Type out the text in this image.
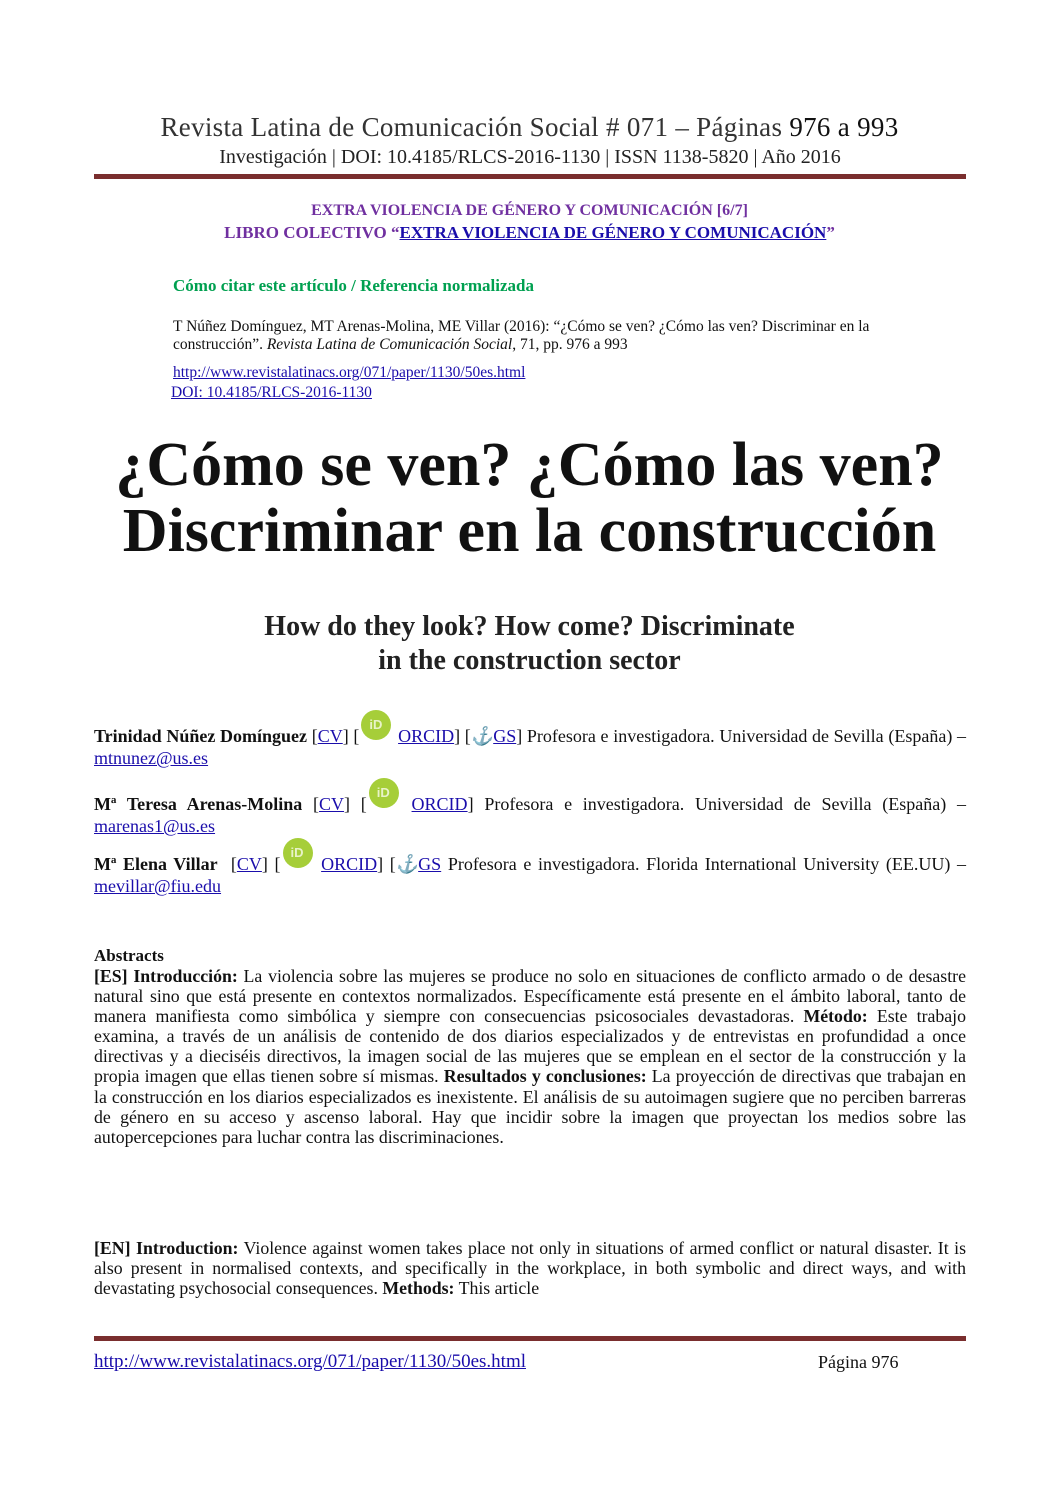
Revista Latina de Comunicación Social # 071 – Páginas 976 a 993
Investigación | DOI: 10.4185/RLCS-2016-1130 | ISSN 1138-5820 | Año 2016
EXTRA VIOLENCIA DE GÉNERO Y COMUNICACIÓN [6/7]
LIBRO COLECTIVO “EXTRA VIOLENCIA DE GÉNERO Y COMUNICACIÓN”
Cómo citar este artículo / Referencia normalizada
T Núñez Domínguez, MT Arenas-Molina, ME Villar (2016): “¿Cómo se ven? ¿Cómo las ven? Discriminar en la construcción”. Revista Latina de Comunicación Social, 71, pp. 976 a 993
http://www.revistalatinacs.org/071/paper/1130/50es.html
DOI: 10.4185/RLCS-2016-1130
¿Cómo se ven? ¿Cómo las ven?
Discriminar en la construcción
How do they look? How come? Discriminate
in the construction sector
Trinidad Núñez Domínguez [CV] [ iD ORCID] [⚓GS] Profesora e investigadora. Universidad de Sevilla (España) – mtnunez@us.es
Mª Teresa Arenas-Molina [CV] [ iD ORCID] Profesora e investigadora. Universidad de Sevilla (España) – marenas1@us.es
Mª Elena Villar  [CV] [ iD ORCID] [⚓GS Profesora e investigadora. Florida International University (EE.UU) – mevillar@fiu.edu
Abstracts
[ES] Introducción: La violencia sobre las mujeres se produce no solo en situaciones de conflicto armado o de desastre natural sino que está presente en contextos normalizados. Específicamente está presente en el ámbito laboral, tanto de manera manifiesta como simbólica y siempre con consecuencias psicosociales devastadoras. Método: Este trabajo examina, a través de un análisis de contenido de dos diarios especializados y de entrevistas en profundidad a once directivas y a dieciséis directivos, la imagen social de las mujeres que se emplean en el sector de la construcción y la propia imagen que ellas tienen sobre sí mismas. Resultados y conclusiones: La proyección de directivas que trabajan en la construcción en los diarios especializados es inexistente. El análisis de su autoimagen sugiere que no perciben barreras de género en su acceso y ascenso laboral. Hay que incidir sobre la imagen que proyectan los medios sobre las autopercepciones para luchar contra las discriminaciones.
[EN] Introduction: Violence against women takes place not only in situations of armed conflict or natural disaster. It is also present in normalised contexts, and specifically in the workplace, in both symbolic and direct ways, and with devastating psychosocial consequences. Methods: This article
http://www.revistalatinacs.org/071/paper/1130/50es.html	Página 976
